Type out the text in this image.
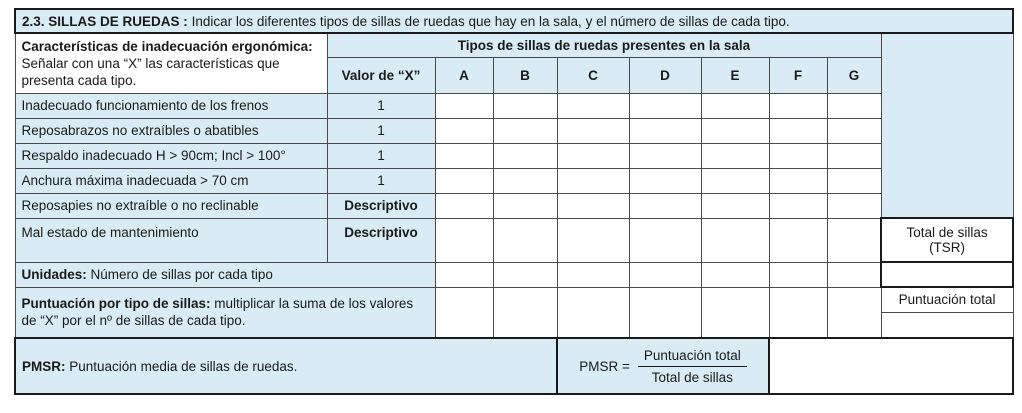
2.3. SILLAS DE RUEDAS : Indicar los diferentes tipos de sillas de ruedas que hay en la sala, y el número de sillas de cada tipo.									
Características de inadecuación ergonómica: Señalar con una “X” las características que presenta cada tipo.	Tipos de sillas de ruedas presentes en la sala								
	Valor de “X”	A	B	C	D	E	F	G	
Inadecuado funcionamiento de los frenos	1								
Reposabrazos no extraíbles o abatibles	1								
Respaldo inadecuado H > 90cm; Incl > 100°	1								
Anchura máxima inadecuada > 70 cm	1								
Reposapies no extraíble o no reclinable	Descriptivo								
Mal estado de mantenimiento	Descriptivo								Total de sillas (TSR)
Unidades: Número de sillas por cada tipo									
Puntuación por tipo de sillas: multiplicar la suma de los valores de “X” por el nº de sillas de cada tipo.									Puntuación total

PMSR: Puntuación media de sillas de ruedas.				PMSR = $\frac{\text{Puntuación total}}{\text{Total de sillas}}$
